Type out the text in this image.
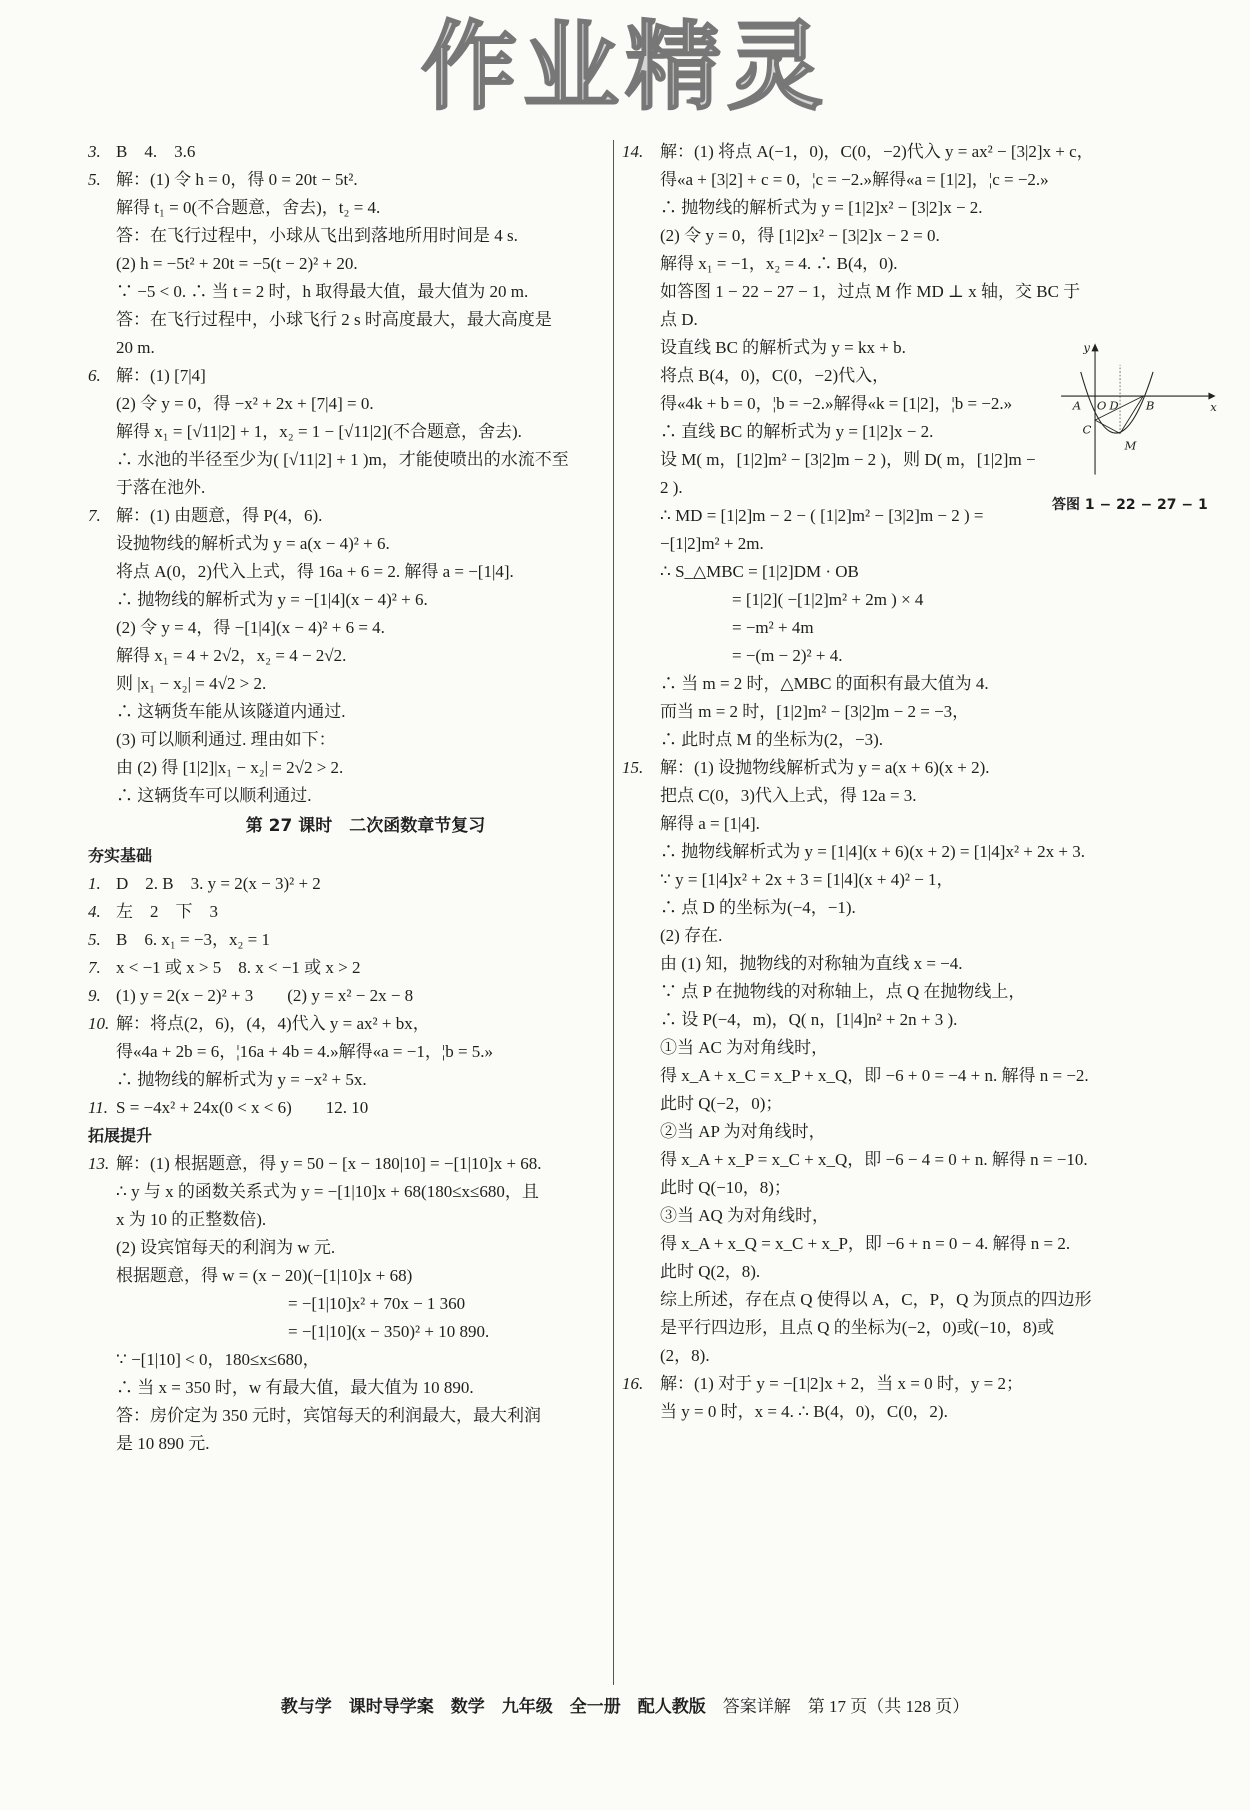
作业精灵
3. B　4.　3.6
5. 解：(1) 令 h = 0，得 0 = 20t − 5t².
解得 t₁ = 0(不合题意，舍去)，t₂ = 4.
答：在飞行过程中，小球从飞出到落地所用时间是 4 s.
(2) h = −5t² + 20t = −5(t − 2)² + 20.
∵ −5 < 0. ∴ 当 t = 2 时，h 取得最大值，最大值为 20 m.
答：在飞行过程中，小球飞行 2 s 时高度最大，最大高度是
20 m.
6. 解：(1) [7|4]
(2) 令 y = 0，得 −x² + 2x + [7|4] = 0.
解得 x₁ = [√11|2] + 1，x₂ = 1 − [√11|2](不合题意，舍去).
∴ 水池的半径至少为( [√11|2] + 1 )m，才能使喷出的水流不至
于落在池外.
7. 解：(1) 由题意，得 P(4，6).
设抛物线的解析式为 y = a(x − 4)² + 6.
将点 A(0，2)代入上式，得 16a + 6 = 2. 解得 a = −[1|4].
∴ 抛物线的解析式为 y = −[1|4](x − 4)² + 6.
(2) 令 y = 4，得 −[1|4](x − 4)² + 6 = 4.
解得 x₁ = 4 + 2√2，x₂ = 4 − 2√2.
则 |x₁ − x₂| = 4√2 > 2.
∴ 这辆货车能从该隧道内通过.
(3) 可以顺利通过. 理由如下：
由 (2) 得 [1|2]|x₁ − x₂| = 2√2 > 2.
∴ 这辆货车可以顺利通过.
第 27 课时　二次函数章节复习
夯实基础
1. D　2. B　3. y = 2(x − 3)² + 2
4. 左　2　下　3
5. B　6. x₁ = −3，x₂ = 1
7. x < −1 或 x > 5　8. x < −1 或 x > 2
9. (1) y = 2(x − 2)² + 3　　(2) y = x² − 2x − 8
10. 解：将点(2，6)，(4，4)代入 y = ax² + bx，
得«4a + 2b = 6，¦16a + 4b = 4.»解得«a = −1，¦b = 5.»
∴ 抛物线的解析式为 y = −x² + 5x.
11. S = −4x² + 24x(0 < x < 6)　　12. 10
拓展提升
13. 解：(1) 根据题意，得 y = 50 − [x − 180|10] = −[1|10]x + 68.
∴ y 与 x 的函数关系式为 y = −[1|10]x + 68(180≤x≤680，且
x 为 10 的正整数倍).
(2) 设宾馆每天的利润为 w 元.
根据题意，得 w = (x − 20)(−[1|10]x + 68)
= −[1|10]x² + 70x − 1 360
= −[1|10](x − 350)² + 10 890.
∵ −[1|10] < 0，180≤x≤680，
∴ 当 x = 350 时，w 有最大值，最大值为 10 890.
答：房价定为 350 元时，宾馆每天的利润最大，最大利润
是 10 890 元.
14. 解：(1) 将点 A(−1，0)，C(0，−2)代入 y = ax² − [3|2]x + c，
得«a + [3|2] + c = 0，¦c = −2.»解得«a = [1|2]，¦c = −2.»
∴ 抛物线的解析式为 y = [1|2]x² − [3|2]x − 2.
(2) 令 y = 0，得 [1|2]x² − [3|2]x − 2 = 0.
解得 x₁ = −1，x₂ = 4. ∴ B(4，0).
如答图 1 − 22 − 27 − 1，过点 M 作 MD ⊥ x 轴，交 BC 于
点 D.
y
x
A O D B
C
M
答图 1 − 22 − 27 − 1
设直线 BC 的解析式为 y = kx + b.
将点 B(4，0)，C(0，−2)代入，
得«4k + b = 0，¦b = −2.»解得«k = [1|2]，¦b = −2.»
∴ 直线 BC 的解析式为 y = [1|2]x − 2.
设 M( m，[1|2]m² − [3|2]m − 2 )，则 D( m，[1|2]m − 2 ).
∴ MD = [1|2]m − 2 − ( [1|2]m² − [3|2]m − 2 ) = −[1|2]m² + 2m.
∴ S_△MBC = [1|2]DM · OB
= [1|2]( −[1|2]m² + 2m ) × 4
= −m² + 4m
= −(m − 2)² + 4.
∴ 当 m = 2 时，△MBC 的面积有最大值为 4.
而当 m = 2 时，[1|2]m² − [3|2]m − 2 = −3，
∴ 此时点 M 的坐标为(2，−3).
15. 解：(1) 设抛物线解析式为 y = a(x + 6)(x + 2).
把点 C(0，3)代入上式，得 12a = 3.
解得 a = [1|4].
∴ 抛物线解析式为 y = [1|4](x + 6)(x + 2) = [1|4]x² + 2x + 3.
∵ y = [1|4]x² + 2x + 3 = [1|4](x + 4)² − 1，
∴ 点 D 的坐标为(−4，−1).
(2) 存在.
由 (1) 知，抛物线的对称轴为直线 x = −4.
∵ 点 P 在抛物线的对称轴上，点 Q 在抛物线上，
∴ 设 P(−4，m)，Q( n，[1|4]n² + 2n + 3 ).
①当 AC 为对角线时，
得 x_A + x_C = x_P + x_Q，即 −6 + 0 = −4 + n. 解得 n = −2.
此时 Q(−2，0)；
②当 AP 为对角线时，
得 x_A + x_P = x_C + x_Q，即 −6 − 4 = 0 + n. 解得 n = −10.
此时 Q(−10，8)；
③当 AQ 为对角线时，
得 x_A + x_Q = x_C + x_P，即 −6 + n = 0 − 4. 解得 n = 2.
此时 Q(2，8).
综上所述，存在点 Q 使得以 A，C，P，Q 为顶点的四边形
是平行四边形，且点 Q 的坐标为(−2，0)或(−10，8)或
(2，8).
16. 解：(1) 对于 y = −[1|2]x + 2，当 x = 0 时，y = 2；
当 y = 0 时，x = 4. ∴ B(4，0)，C(0，2).
教与学　课时导学案　数学　九年级　全一册　配人教版　 答案详解　第 17 页（共 128 页）
